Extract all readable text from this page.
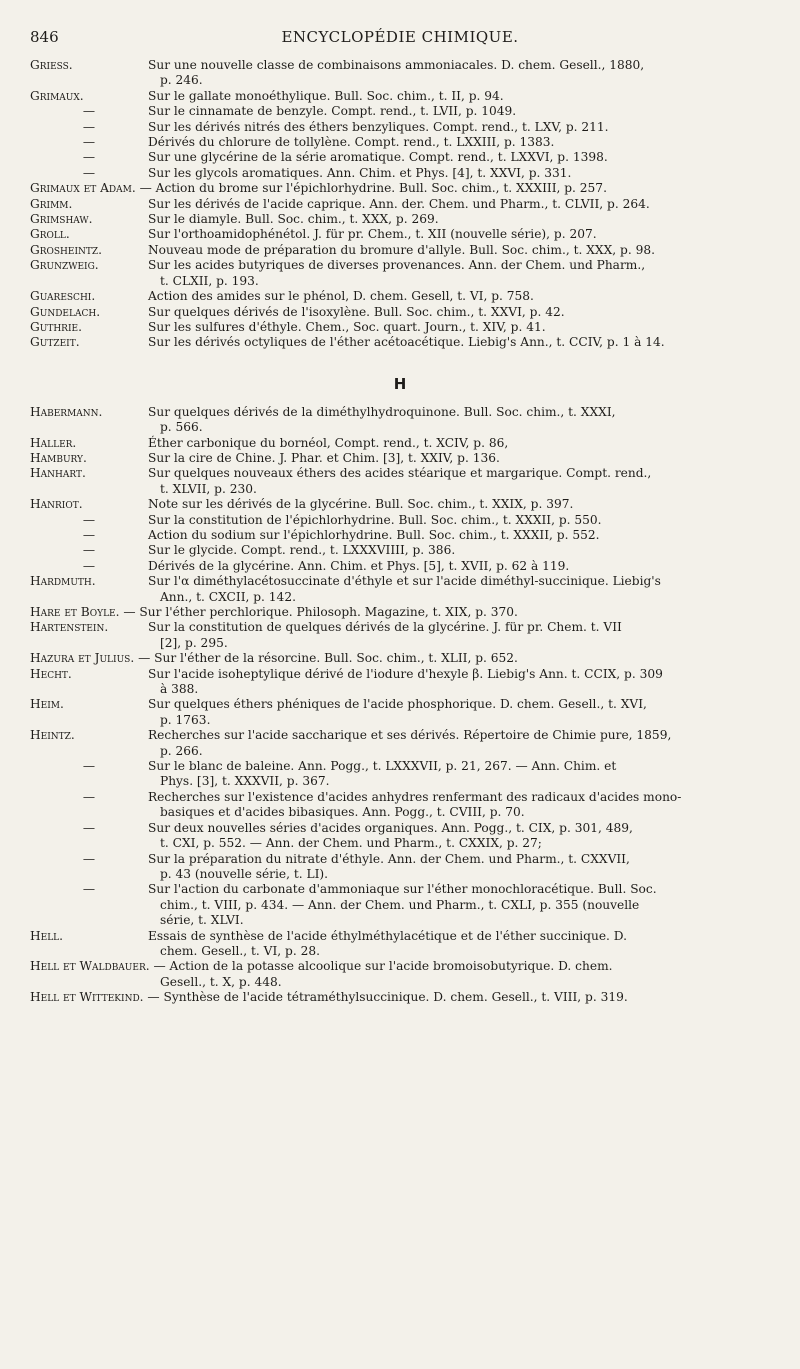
846	ENCYCLOPÉDIE CHIMIQUE.
Griess.	Sur une nouvelle classe de combinaisons ammoniacales. D. chem. Gesell., 1880,
p. 246.
Grimaux.	Sur le gallate monoéthylique. Bull. Soc. chim., t. II, p. 94.
—	Sur le cinnamate de benzyle. Compt. rend., t. LVII, p. 1049.
—	Sur les dérivés nitrés des éthers benzyliques. Compt. rend., t. LXV, p. 211.
—	Dérivés du chlorure de tollylène. Compt. rend., t. LXXIII, p. 1383.
—	Sur une glycérine de la série aromatique. Compt. rend., t. LXXVI, p. 1398.
—	Sur les glycols aromatiques. Ann. Chim. et Phys. [4], t. XXVI, p. 331.
Grimaux et Adam. — Action du brome sur l'épichlorhydrine. Bull. Soc. chim., t. XXXIII, p. 257.
Grimm.	Sur les dérivés de l'acide caprique. Ann. der. Chem. und Pharm., t. CLVII, p. 264.
Grimshaw.	Sur le diamyle. Bull. Soc. chim., t. XXX, p. 269.
Groll.	Sur l'orthoamidophénétol. J. für pr. Chem., t. XII (nouvelle série), p. 207.
Grosheintz.	Nouveau mode de préparation du bromure d'allyle. Bull. Soc. chim., t. XXX, p. 98.
Grunzweig.	Sur les acides butyriques de diverses provenances. Ann. der Chem. und Pharm.,
t. CLXII, p. 193.
Guareschi.	Action des amides sur le phénol, D. chem. Gesell, t. VI, p. 758.
Gundelach.	Sur quelques dérivés de l'isoxylène. Bull. Soc. chim., t. XXVI, p. 42.
Guthrie.	Sur les sulfures d'éthyle. Chem., Soc. quart. Journ., t. XIV, p. 41.
Gutzeit.	Sur les dérivés octyliques de l'éther acétoacétique. Liebig's Ann., t. CCIV, p. 1 à 14.
H
Habermann.	Sur quelques dérivés de la diméthylhydroquinone. Bull. Soc. chim., t. XXXI,
p. 566.
Haller.	Éther carbonique du bornéol, Compt. rend., t. XCIV, p. 86,
Hambury.	Sur la cire de Chine. J. Phar. et Chim. [3], t. XXIV, p. 136.
Hanhart.	Sur quelques nouveaux éthers des acides stéarique et margarique. Compt. rend.,
t. XLVII, p. 230.
Hanriot.	Note sur les dérivés de la glycérine. Bull. Soc. chim., t. XXIX, p. 397.
—	Sur la constitution de l'épichlorhydrine. Bull. Soc. chim., t. XXXII, p. 550.
—	Action du sodium sur l'épichlorhydrine. Bull. Soc. chim., t. XXXII, p. 552.
—	Sur le glycide. Compt. rend., t. LXXXVIIII, p. 386.
—	Dérivés de la glycérine. Ann. Chim. et Phys. [5], t. XVII, p. 62 à 119.
Hardmuth.	Sur l'α diméthylacétosuccinate d'éthyle et sur l'acide diméthyl-succinique. Liebig's
Ann., t. CXCII, p. 142.
Hare et Boyle. — Sur l'éther perchlorique. Philosoph. Magazine, t. XIX, p. 370.
Hartenstein.	Sur la constitution de quelques dérivés de la glycérine. J. für pr. Chem. t. VII
[2], p. 295.
Hazura et Julius. — Sur l'éther de la résorcine. Bull. Soc. chim., t. XLII, p. 652.
Hecht.	Sur l'acide isoheptylique dérivé de l'iodure d'hexyle β. Liebig's Ann. t. CCIX, p. 309
à 388.
Heim.	Sur quelques éthers phéniques de l'acide phosphorique. D. chem. Gesell., t. XVI,
p. 1763.
Heintz.	Recherches sur l'acide saccharique et ses dérivés. Répertoire de Chimie pure, 1859,
p. 266.
—	Sur le blanc de baleine. Ann. Pogg., t. LXXXVII, p. 21, 267. — Ann. Chim. et
Phys. [3], t. XXXVII, p. 367.
—	Recherches sur l'existence d'acides anhydres renfermant des radicaux d'acides mono-
basiques et d'acides bibasiques. Ann. Pogg., t. CVIII, p. 70.
—	Sur deux nouvelles séries d'acides organiques. Ann. Pogg., t. CIX, p. 301, 489,
t. CXI, p. 552. — Ann. der Chem. und Pharm., t. CXXIX, p. 27;
—	Sur la préparation du nitrate d'éthyle. Ann. der Chem. und Pharm., t. CXXVII,
p. 43 (nouvelle série, t. LI).
—	Sur l'action du carbonate d'ammoniaque sur l'éther monochloracétique. Bull. Soc.
chim., t. VIII, p. 434. — Ann. der Chem. und Pharm., t. CXLI, p. 355 (nouvelle
série, t. XLVI.
Hell.	Essais de synthèse de l'acide éthylméthylacétique et de l'éther succinique. D.
chem. Gesell., t. VI, p. 28.
Hell et Waldbauer. — Action de la potasse alcoolique sur l'acide bromoisobutyrique. D. chem.
Gesell., t. X, p. 448.
Hell et Wittekind. — Synthèse de l'acide tétraméthylsuccinique. D. chem. Gesell., t. VIII, p. 319.
